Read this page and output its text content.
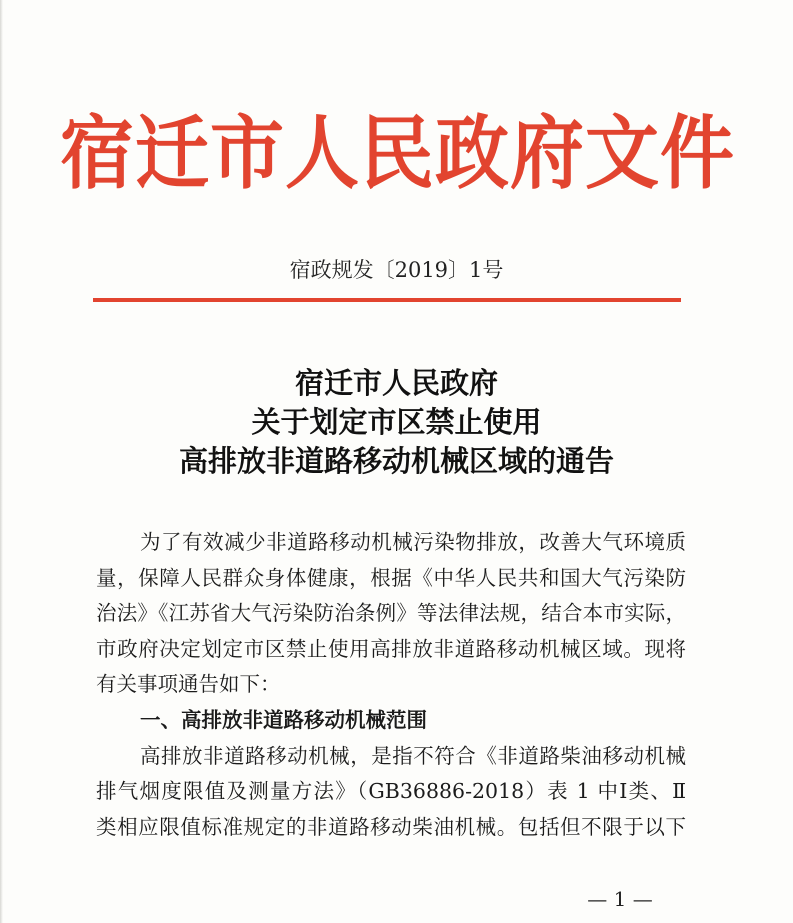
宿迁市人民政府文件
宿政规发〔2019〕1号
宿迁市人民政府
关于划定市区禁止使用
高排放非道路移动机械区域的通告
为了有效减少非道路移动机械污染物排放，改善大气环境质
量，保障人民群众身体健康，根据《中华人民共和国大气污染防
治法》《江苏省大气污染防治条例》等法律法规，结合本市实际，
市政府决定划定市区禁止使用高排放非道路移动机械区域。现将
有关事项通告如下：
一、高排放非道路移动机械范围
高排放非道路移动机械，是指不符合《非道路柴油移动机械
排气烟度限值及测量方法》（GB36886-2018）表 1 中Ⅰ类、Ⅱ
类相应限值标准规定的非道路移动柴油机械。包括但不限于以下
— 1 —
